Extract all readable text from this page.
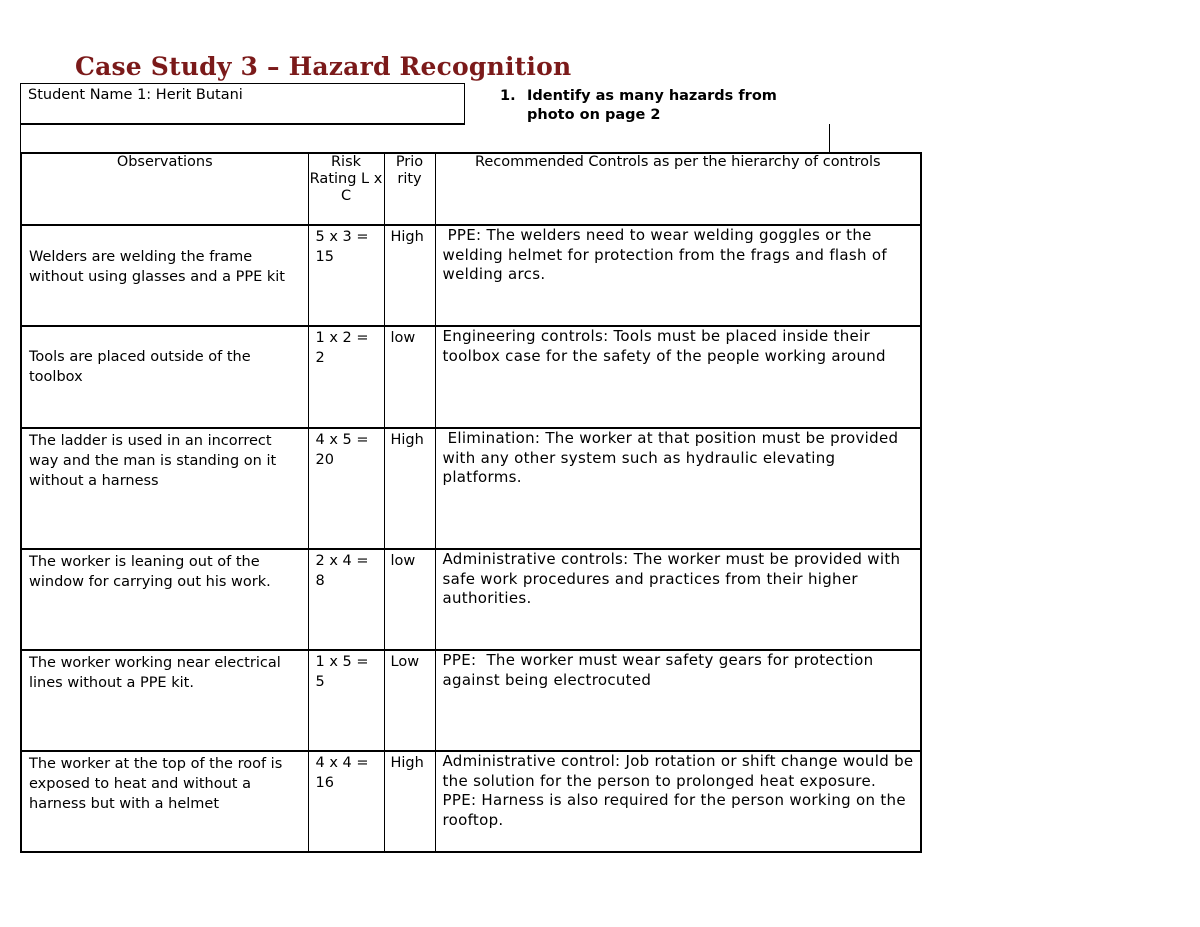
Case Study 3 – Hazard Recognition
Student Name 1: Herit Butani	1. Identify as many hazards from photo on page 2
Observations	Risk Rating L x C	Prio rity	Recommended Controls as per the hierarchy of controls
Welders are welding the frame without using glasses and a PPE kit	5 x 3 = 15	High	PPE: The welders need to wear welding goggles or the welding helmet for protection from the frags and flash of welding arcs.
Tools are placed outside of the toolbox	1 x 2 = 2	low	Engineering controls: Tools must be placed inside their toolbox case for the safety of the people working around
The ladder is used in an incorrect way and the man is standing on it without a harness	4 x 5 = 20	High	Elimination: The worker at that position must be provided with any other system such as hydraulic elevating platforms.
The worker is leaning out of the window for carrying out his work.	2 x 4 = 8	low	Administrative controls: The worker must be provided with safe work procedures and practices from their higher authorities.
The worker working near electrical lines without a PPE kit.	1 x 5 = 5	Low	PPE:  The worker must wear safety gears for protection against being electrocuted
The worker at the top of the roof is exposed to heat and without a harness but with a helmet	4 x 4 = 16	High	Administrative control: Job rotation or shift change would be the solution for the person to prolonged heat exposure.
PPE: Harness is also required for the person working on the rooftop.
